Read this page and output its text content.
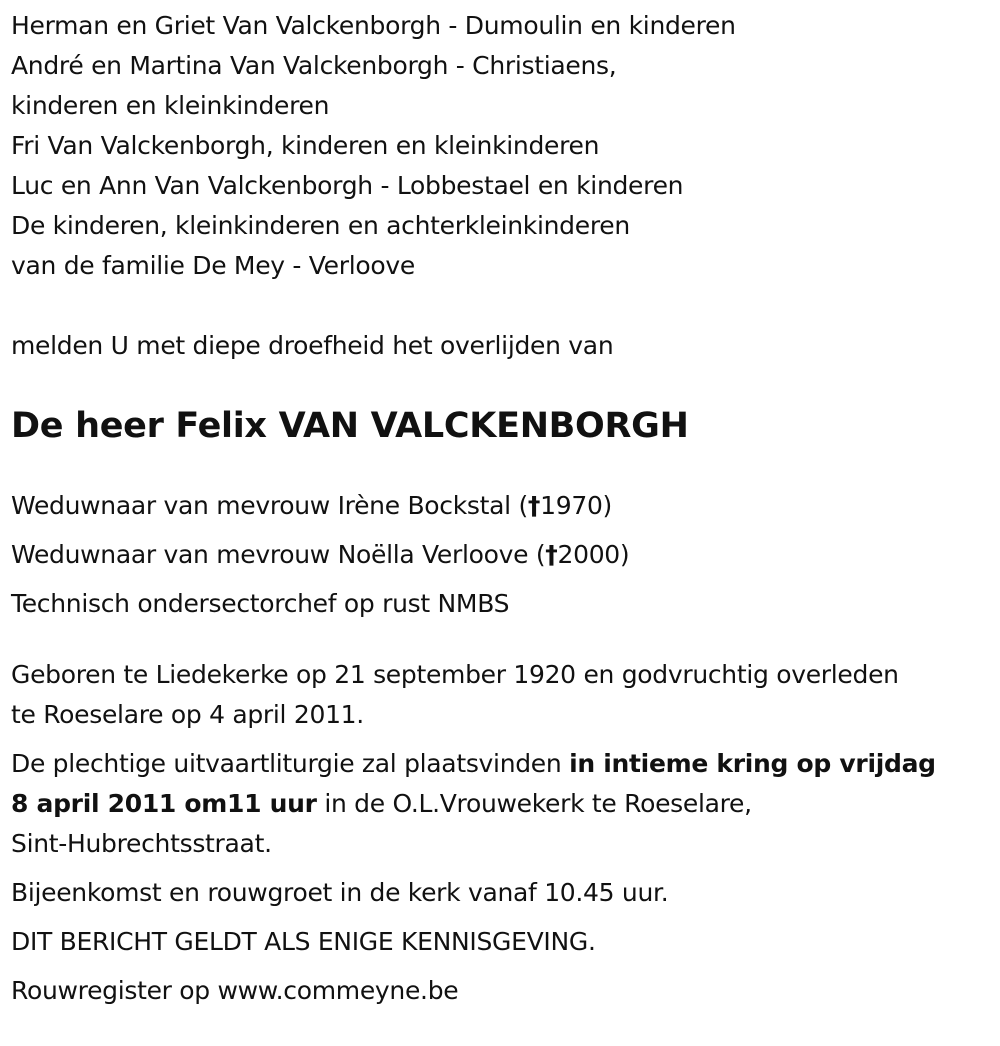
Herman en Griet Van Valckenborgh - Dumoulin en kinderen
André en Martina Van Valckenborgh - Christiaens,
kinderen en kleinkinderen
Fri Van Valckenborgh, kinderen en kleinkinderen
Luc en Ann Van Valckenborgh - Lobbestael en kinderen
De kinderen, kleinkinderen en achterkleinkinderen
van de familie De Mey - Verloove
melden U met diepe droefheid het overlijden van
De heer Felix VAN VALCKENBORGH
Weduwnaar van mevrouw Irène Bockstal (†1970)
Weduwnaar van mevrouw Noëlla Verloove (†2000)
Technisch ondersectorchef op rust NMBS
Geboren te Liedekerke op 21 september 1920 en godvruchtig overleden
te Roeselare op 4 april 2011.
De plechtige uitvaartliturgie zal plaatsvinden in intieme kring op vrijdag
8 april 2011 om11 uur in de O.L.Vrouwekerk te Roeselare,
Sint-Hubrechtsstraat.
Bijeenkomst en rouwgroet in de kerk vanaf 10.45 uur.
DIT BERICHT GELDT ALS ENIGE KENNISGEVING.
Rouwregister op www.commeyne.be
